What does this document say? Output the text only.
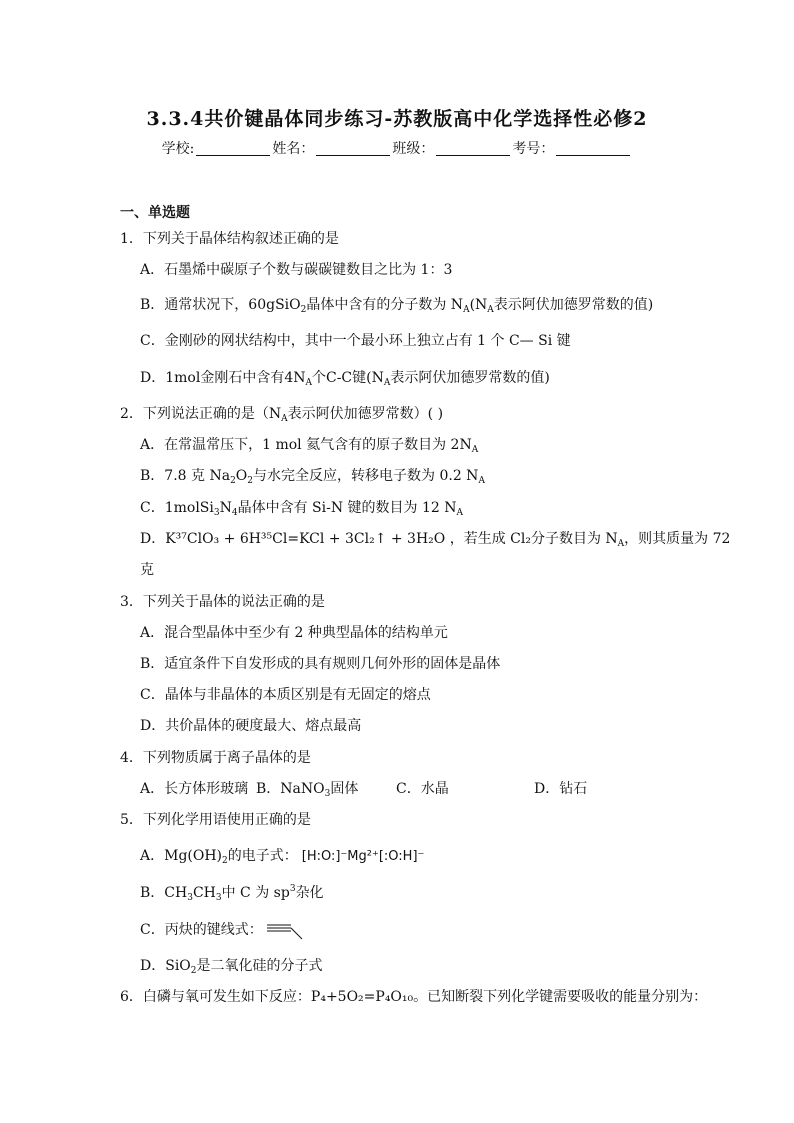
3.3.4共价键晶体同步练习-苏教版高中化学选择性必修2
学校:	姓名：	班级：	考号：
一、单选题
1．下列关于晶体结构叙述正确的是
A．石墨烯中碳原子个数与碳碳键数目之比为 1：3
B．通常状况下，60gSiO$_2$晶体中含有的分子数为 $N_A(N_A$表示阿伏加德罗常数的值)
C．金刚砂的网状结构中，其中一个最小环上独立占有 1 个 C— Si 键
D．1mol金刚石中含有$4N_A$个C-C键($N_A$表示阿伏加德罗常数的值)
2．下列说法正确的是（$N_A$表示阿伏加德罗常数）( )
A．在常温常压下，1 mol 氦气含有的原子数目为 $2N_A$
B．7.8 克 $Na_2O_2$与水完全反应，转移电子数为 0.2 $N_A$
C．$1molSi_3N_4$晶体中含有 Si-N 键的数目为 12 $N_A$
D．K³⁷ClO₃ + 6H³⁵Cl=KCl + 3Cl₂↑ + 3H₂O ，若生成 Cl₂分子数目为 $N_A$，则其质量为 72
克
3．下列关于晶体的说法正确的是
A．混合型晶体中至少有 2 种典型晶体的结构单元
B．适宜条件下自发形成的具有规则几何外形的固体是晶体
C．晶体与非晶体的本质区别是有无固定的熔点
D．共价晶体的硬度最大、熔点最高
4．下列物质属于离子晶体的是
A．长方体形玻璃 B．NaNO$_3$固体	C．水晶	D．钻石
5．下列化学用语使用正确的是
A．$Mg(OH)_2$的电子式： [H:O:]⁻Mg²⁺[:O:H]⁻
B．$CH_3CH_3$中 C 为 $sp^3$杂化
C．丙炔的键线式：
D．SiO$_2$是二氧化硅的分子式
6．白磷与氧可发生如下反应：P₄+5O₂=P₄O₁₀。已知断裂下列化学键需要吸收的能量分别为：
